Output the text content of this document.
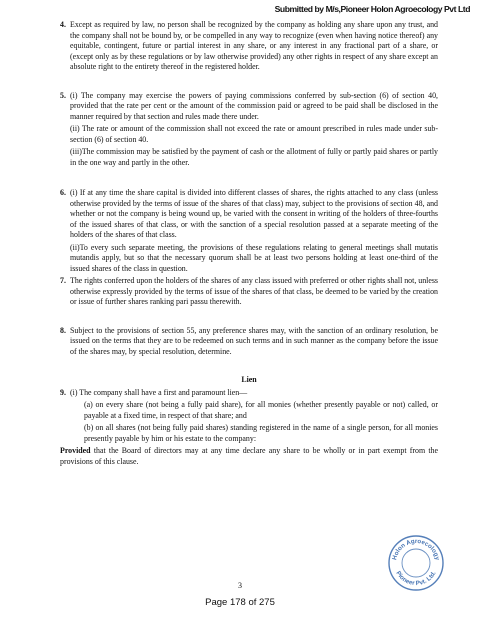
Submitted by M/s,Pioneer Holon Agroecology Pvt Ltd
4. Except as required by law, no person shall be recognized by the company as holding any share upon any trust, and the company shall not be bound by, or be compelled in any way to recognize (even when having notice thereof) any equitable, contingent, future or partial interest in any share, or any interest in any fractional part of a share, or (except only as by these regulations or by law otherwise provided) any other rights in respect of any share except an absolute right to the entirety thereof in the registered holder.
5. (i) The company may exercise the powers of paying commissions conferred by sub-section (6) of section 40, provided that the rate per cent or the amount of the commission paid or agreed to be paid shall be disclosed in the manner required by that section and rules made there under.
(ii) The rate or amount of the commission shall not exceed the rate or amount prescribed in rules made under sub-section (6) of section 40.
(iii)The commission may be satisfied by the payment of cash or the allotment of fully or partly paid shares or partly in the one way and partly in the other.
6. (i) If at any time the share capital is divided into different classes of shares, the rights attached to any class (unless otherwise provided by the terms of issue of the shares of that class) may, subject to the provisions of section 48, and whether or not the company is being wound up, be varied with the consent in writing of the holders of three-fourths of the issued shares of that class, or with the sanction of a special resolution passed at a separate meeting of the holders of the shares of that class.
(ii)To every such separate meeting, the provisions of these regulations relating to general meetings shall mutatis mutandis apply, but so that the necessary quorum shall be at least two persons holding at least one-third of the issued shares of the class in question.
7. The rights conferred upon the holders of the shares of any class issued with preferred or other rights shall not, unless otherwise expressly provided by the terms of issue of the shares of that class, be deemed to be varied by the creation or issue of further shares ranking pari passu therewith.
8. Subject to the provisions of section 55, any preference shares may, with the sanction of an ordinary resolution, be issued on the terms that they are to be redeemed on such terms and in such manner as the company before the issue of the shares may, by special resolution, determine.
Lien
9. (i) The company shall have a first and paramount lien—
(a) on every share (not being a fully paid share), for all monies (whether presently payable or not) called, or payable at a fixed time, in respect of that share; and
(b) on all shares (not being fully paid shares) standing registered in the name of a single person, for all monies presently payable by him or his estate to the company:
Provided that the Board of directors may at any time declare any share to be wholly or in part exempt from the provisions of this clause.
3
Page 178 of 275
Holon Agroecology
Pioneer Pvt. Ltd.
